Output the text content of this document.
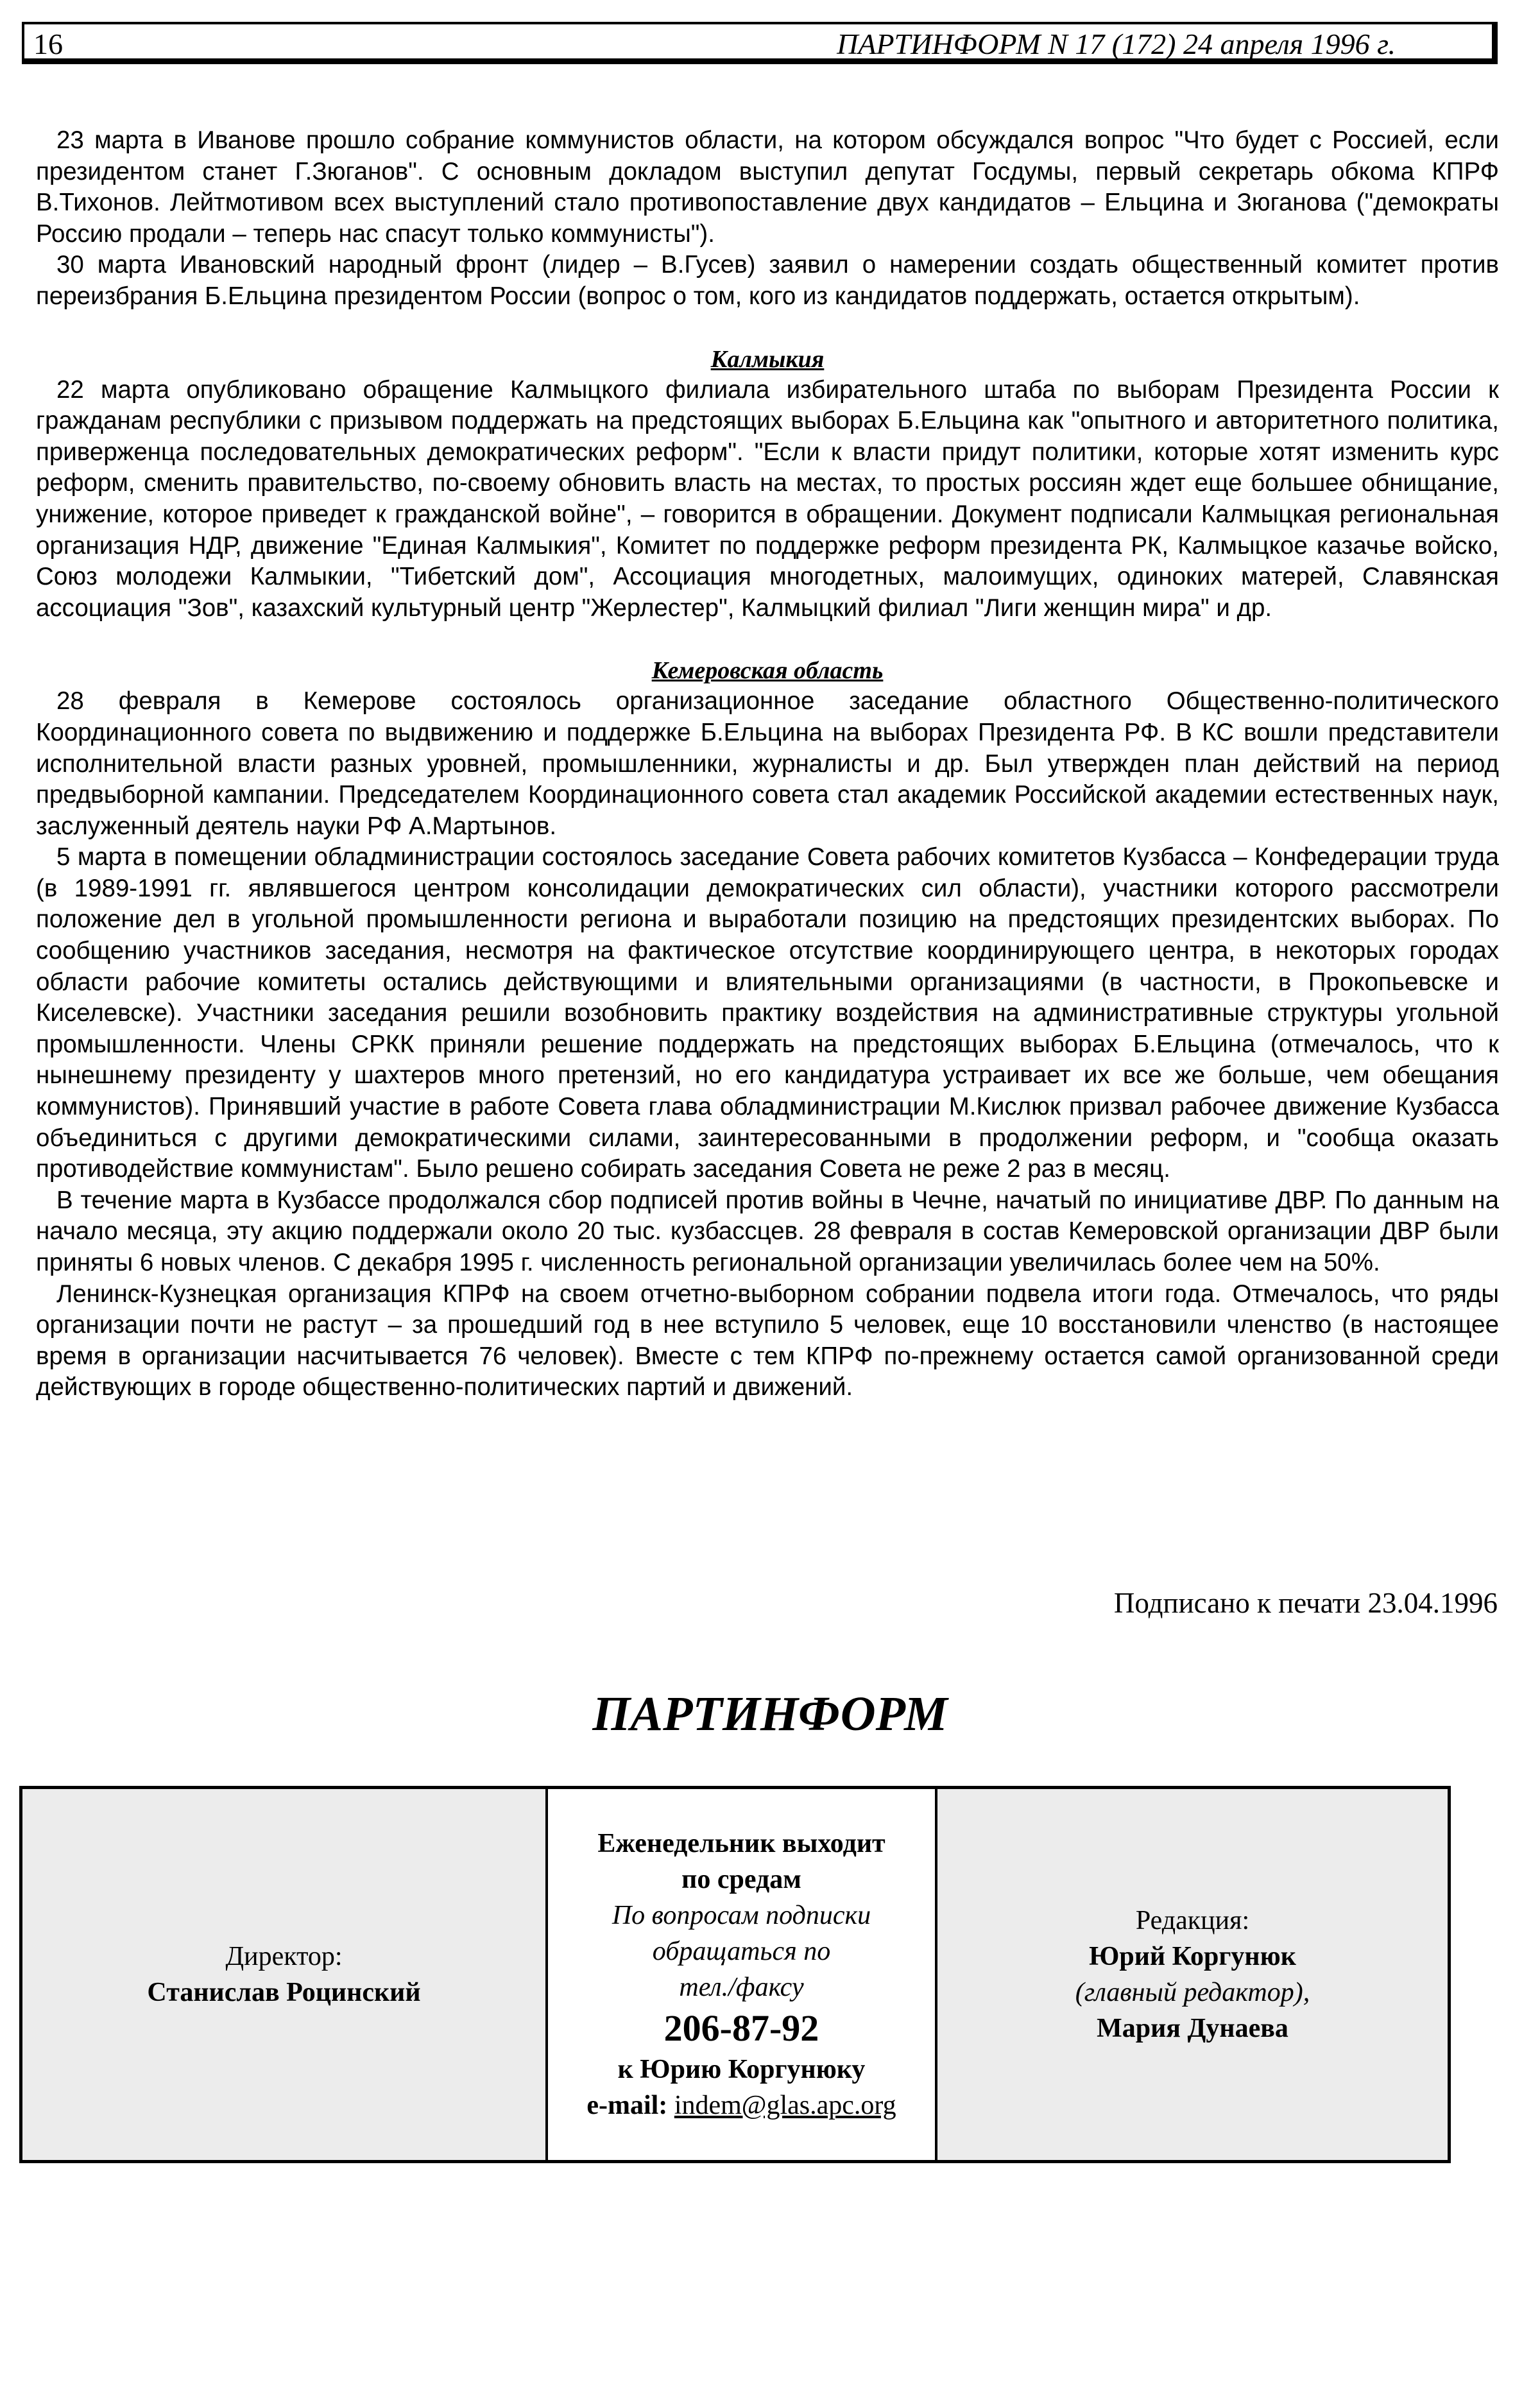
16	ПАРТИНФОРМ N 17 (172) 24 апреля 1996 г.

23 марта в Иванове прошло собрание коммунистов области, на котором обсуждался вопрос "Что будет с Россией, если президентом станет Г.Зюганов". С основным докладом выступил депутат Госдумы, первый секретарь обкома КПРФ В.Тихонов. Лейтмотивом всех выступлений стало противопоставление двух кандидатов – Ельцина и Зюганова ("демократы Россию продали – теперь нас спасут только коммунисты").

30 марта Ивановский народный фронт (лидер – В.Гусев) заявил о намерении создать общественный комитет против переизбрания Б.Ельцина президентом России (вопрос о том, кого из кандидатов поддержать, остается открытым).

Калмыкия

22 марта опубликовано обращение Калмыцкого филиала избирательного штаба по выборам Президента России к гражданам республики с призывом поддержать на предстоящих выборах Б.Ельцина как "опытного и авторитетного политика, приверженца последовательных демократических реформ". "Если к власти придут политики, которые хотят изменить курс реформ, сменить правительство, по-своему обновить власть на местах, то простых россиян ждет еще большее обнищание, унижение, которое приведет к гражданской войне", – говорится в обращении. Документ подписали Калмыцкая региональная организация НДР, движение "Единая Калмыкия", Комитет по поддержке реформ президента РК, Калмыцкое казачье войско, Союз молодежи Калмыкии, "Тибетский дом", Ассоциация многодетных, малоимущих, одиноких матерей, Славянская ассоциация "Зов", казахский культурный центр "Жерлестер", Калмыцкий филиал "Лиги женщин мира" и др.

Кемеровская область

28 февраля в Кемерове состоялось организационное заседание областного Общественно-политического Координационного совета по выдвижению и поддержке Б.Ельцина на выборах Президента РФ. В КС вошли представители исполнительной власти разных уровней, промышленники, журналисты и др. Был утвержден план действий на период предвыборной кампании. Председателем Координационного совета стал академик Российской академии естественных наук, заслуженный деятель науки РФ А.Мартынов.

5 марта в помещении обладминистрации состоялось заседание Совета рабочих комитетов Кузбасса – Конфедерации труда (в 1989-1991 гг. являвшегося центром консолидации демократических сил области), участники которого рассмотрели положение дел в угольной промышленности региона и выработали позицию на предстоящих президентских выборах. По сообщению участников заседания, несмотря на фактическое отсутствие координирующего центра, в некоторых городах области рабочие комитеты остались действующими и влиятельными организациями (в частности, в Прокопьевске и Киселевске). Участники заседания решили возобновить практику воздействия на административные структуры угольной промышленности. Члены СРКК приняли решение поддержать на предстоящих выборах Б.Ельцина (отмечалось, что к нынешнему президенту у шахтеров много претензий, но его кандидатура устраивает их все же больше, чем обещания коммунистов). Принявший участие в работе Совета глава обладминистрации М.Кислюк призвал рабочее движение Кузбасса объединиться с другими демократическими силами, заинтересованными в продолжении реформ, и "сообща оказать противодействие коммунистам". Было решено собирать заседания Совета не реже 2 раз в месяц.

В течение марта в Кузбассе продолжался сбор подписей против войны в Чечне, начатый по инициативе ДВР. По данным на начало месяца, эту акцию поддержали около 20 тыс. кузбассцев. 28 февраля в состав Кемеровской организации ДВР были приняты 6 новых членов. С декабря 1995 г. численность региональной организации увеличилась более чем на 50%.

Ленинск-Кузнецкая организация КПРФ на своем отчетно-выборном собрании подвела итоги года. Отмечалось, что ряды организации почти не растут – за прошедший год в нее вступило 5 человек, еще 10 восстановили членство (в настоящее время в организации насчитывается 76 человек). Вместе с тем КПРФ по-прежнему остается самой организованной среди действующих в городе общественно-политических партий и движений.

Подписано к печати 23.04.1996
ПАРТИНФОРМ
Директор:
Станислав Роцинский
Еженедельник выходит
по средам
По вопросам подписки
обращаться по
тел./факсу
206-87-92
к Юрию Коргунюку
e-mail: indem@glas.apc.org
Редакция:
Юрий Коргунюк
(главный редактор),
Мария Дунаева
